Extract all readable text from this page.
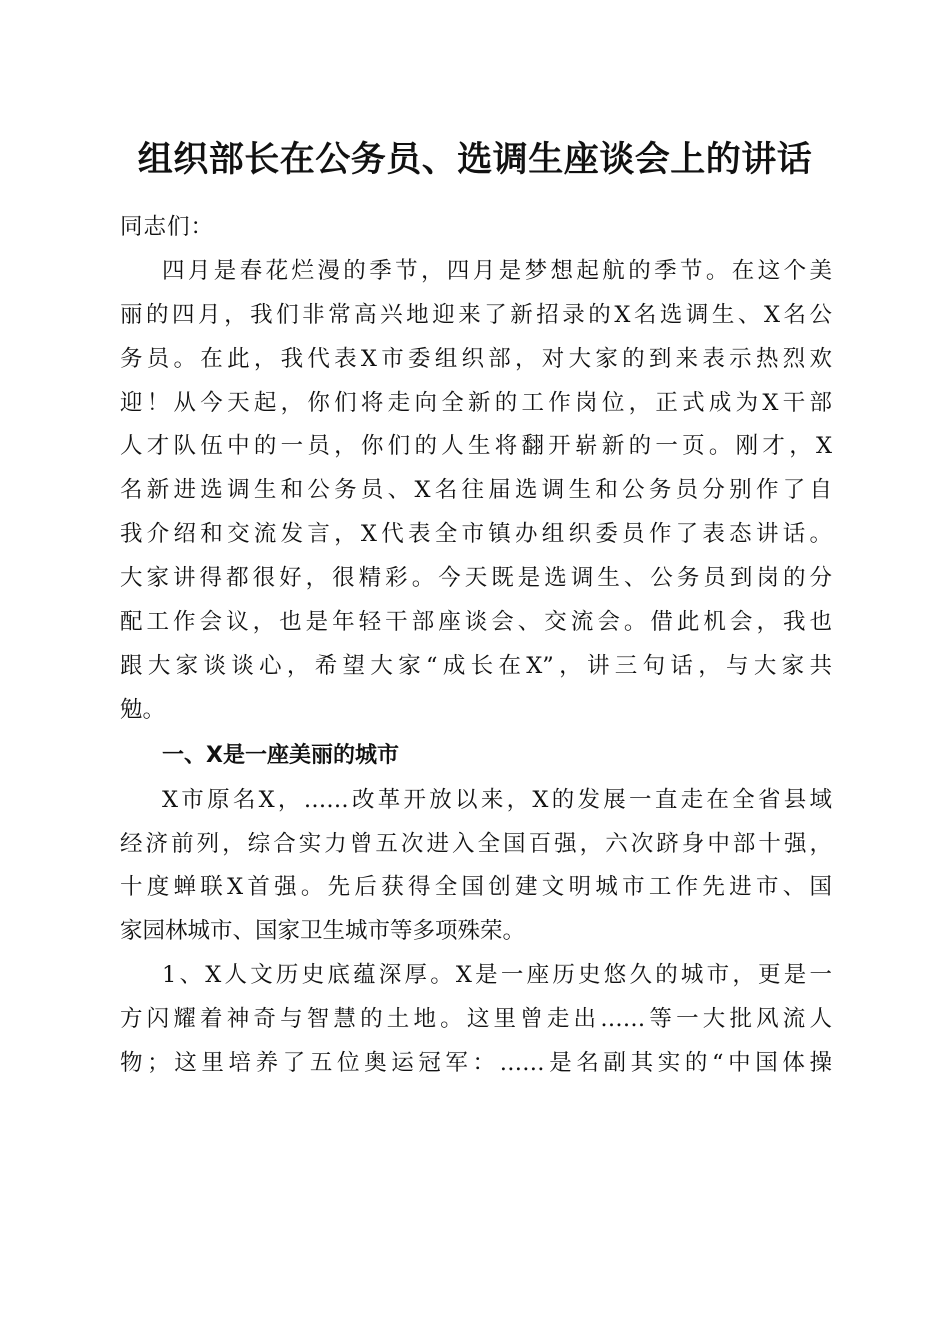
组织部长在公务员、选调生座谈会上的讲话
同志们：
四月是春花烂漫的季节，四月是梦想起航的季节。在这个美
丽的四月，我们非常高兴地迎来了新招录的X名选调生、X名公
务员。在此，我代表X市委组织部，对大家的到来表示热烈欢
迎！从今天起，你们将走向全新的工作岗位，正式成为X干部
人才队伍中的一员，你们的人生将翻开崭新的一页。刚才，X
名新进选调生和公务员、X名往届选调生和公务员分别作了自
我介绍和交流发言，X代表全市镇办组织委员作了表态讲话。
大家讲得都很好，很精彩。今天既是选调生、公务员到岗的分
配工作会议，也是年轻干部座谈会、交流会。借此机会，我也
跟大家谈谈心，希望大家“成长在X”，讲三句话，与大家共
勉。
一、X是一座美丽的城市
X市原名X，……改革开放以来，X的发展一直走在全省县域
经济前列，综合实力曾五次进入全国百强，六次跻身中部十强，
十度蝉联X首强。先后获得全国创建文明城市工作先进市、国
家园林城市、国家卫生城市等多项殊荣。
1、X人文历史底蕴深厚。X是一座历史悠久的城市，更是一
方闪耀着神奇与智慧的土地。这里曾走出……等一大批风流人
物；这里培养了五位奥运冠军：……是名副其实的“中国体操
